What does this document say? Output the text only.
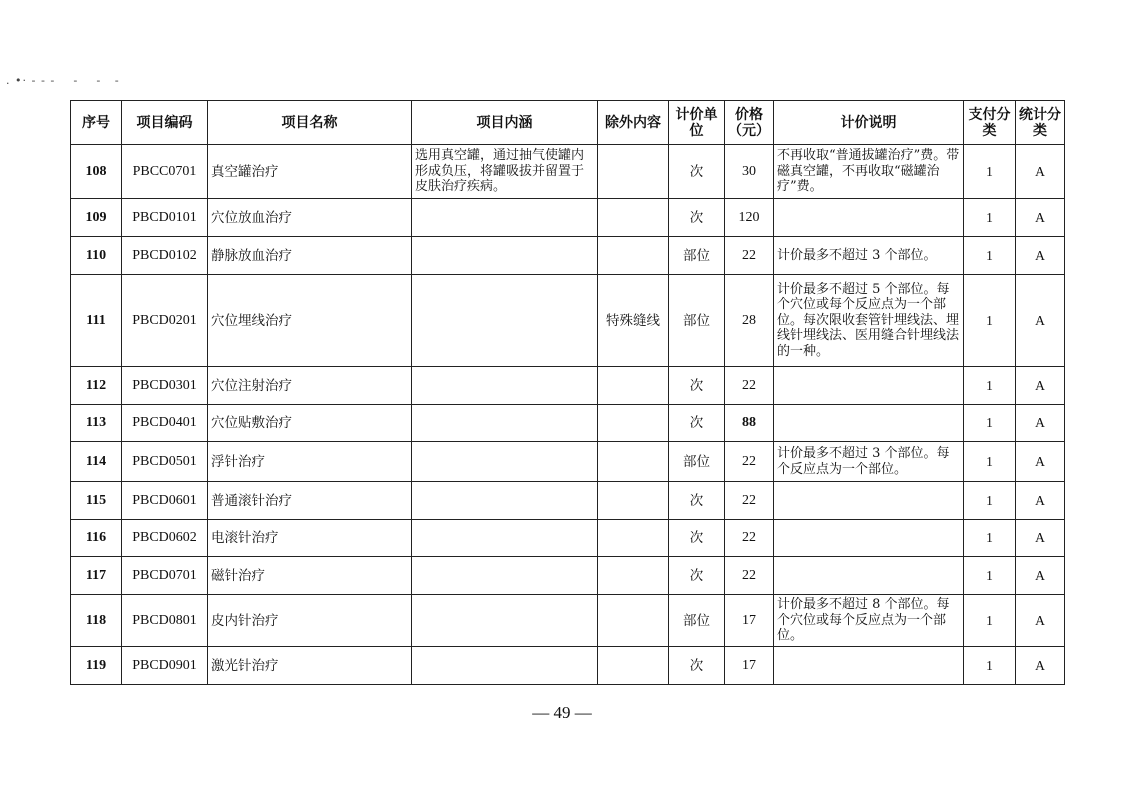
. •· - - -    -    -   -
序号	项目编码	项目名称	项目内涵	除外内容	计价单位	价格（元）	计价说明	支付分类	统计分类
108	PBCC0701	真空罐治疗	选用真空罐，通过抽气使罐内形成负压，将罐吸拔并留置于皮肤治疗疾病。		次	30	不再收取“普通拔罐治疗”费。带磁真空罐，不再收取“磁罐治疗”费。	1	A
109	PBCD0101	穴位放血治疗			次	120		1	A
110	PBCD0102	静脉放血治疗			部位	22	计价最多不超过 3 个部位。	1	A
111	PBCD0201	穴位埋线治疗		特殊缝线	部位	28	计价最多不超过 5 个部位。每个穴位或每个反应点为一个部位。每次限收套管针埋线法、埋线针埋线法、医用缝合针埋线法的一种。	1	A
112	PBCD0301	穴位注射治疗			次	22		1	A
113	PBCD0401	穴位贴敷治疗			次	88		1	A
114	PBCD0501	浮针治疗			部位	22	计价最多不超过 3 个部位。每个反应点为一个部位。	1	A
115	PBCD0601	普通滚针治疗			次	22		1	A
116	PBCD0602	电滚针治疗			次	22		1	A
117	PBCD0701	磁针治疗			次	22		1	A
118	PBCD0801	皮内针治疗			部位	17	计价最多不超过 8 个部位。每个穴位或每个反应点为一个部位。	1	A
119	PBCD0901	激光针治疗			次	17		1	A
— 49 —
